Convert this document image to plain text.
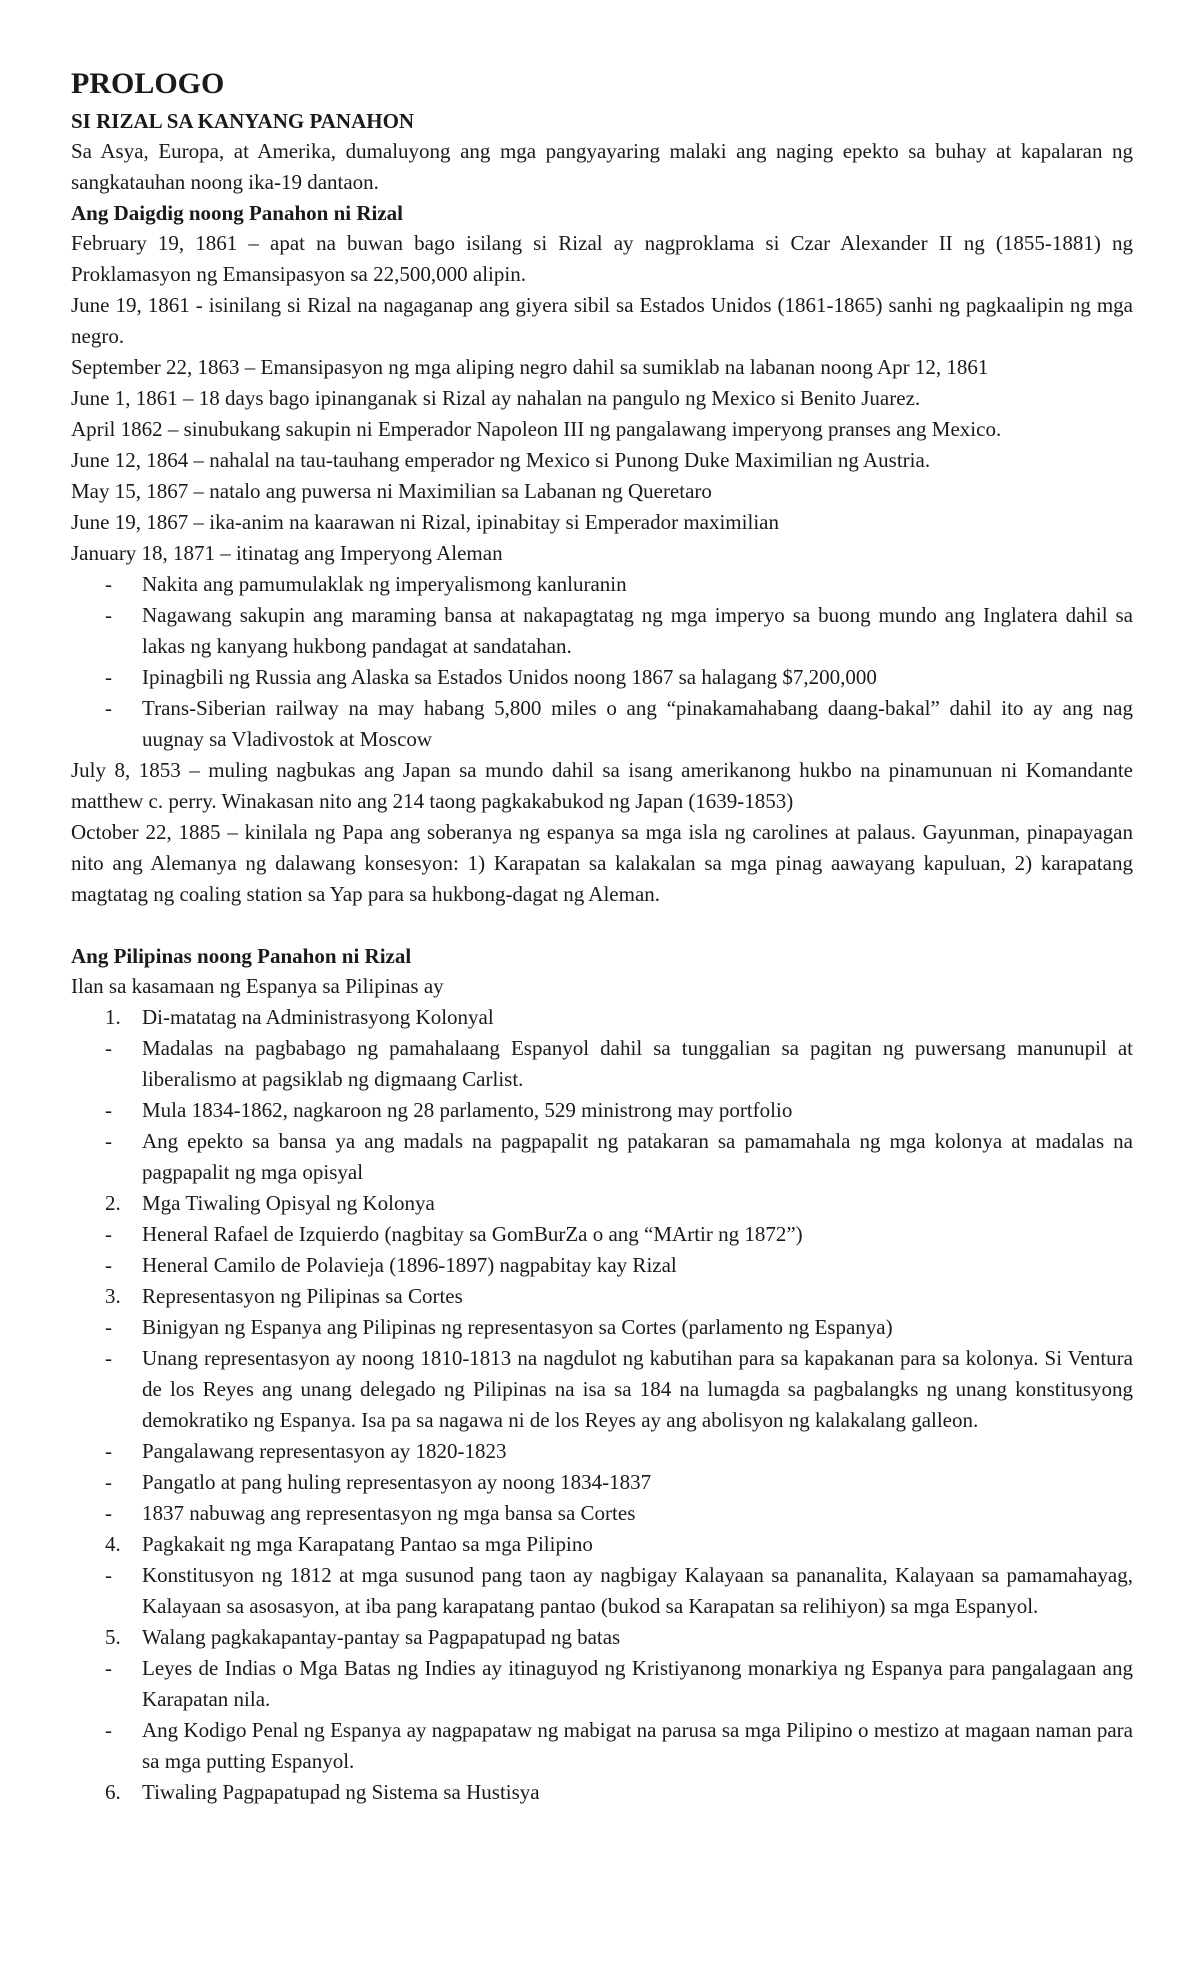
PROLOGO
SI RIZAL SA KANYANG PANAHON
Sa Asya, Europa, at Amerika, dumaluyong ang mga pangyayaring malaki ang naging epekto sa buhay at kapalaran ng sangkatauhan noong ika-19 dantaon.
Ang Daigdig noong Panahon ni Rizal
February 19, 1861 – apat na buwan bago isilang si Rizal ay nagproklama si Czar Alexander II ng (1855-1881) ng Proklamasyon ng Emansipasyon sa 22,500,000 alipin.
June 19, 1861 - isinilang si Rizal na nagaganap ang giyera sibil sa Estados Unidos (1861-1865) sanhi ng pagkaalipin ng mga negro.
September 22, 1863 – Emansipasyon ng mga aliping negro dahil sa sumiklab na labanan noong Apr 12, 1861
June 1, 1861 – 18 days bago ipinanganak si Rizal ay nahalan na pangulo ng Mexico si Benito Juarez.
April 1862 – sinubukang sakupin ni Emperador Napoleon III ng pangalawang imperyong pranses ang Mexico.
June 12, 1864 – nahalal na tau-tauhang emperador ng Mexico si Punong Duke Maximilian ng Austria.
May 15, 1867 – natalo ang puwersa ni Maximilian sa Labanan ng Queretaro
June 19, 1867 – ika-anim na kaarawan ni Rizal, ipinabitay si Emperador maximilian
January 18, 1871 – itinatag ang Imperyong Aleman
-	Nakita ang pamumulaklak ng imperyalismong kanluranin
-	Nagawang sakupin ang maraming bansa at nakapagtatag ng mga imperyo sa buong mundo ang Inglatera dahil sa lakas ng kanyang hukbong pandagat at sandatahan.
-	Ipinagbili ng Russia ang Alaska sa Estados Unidos noong 1867 sa halagang $7,200,000
-	Trans-Siberian railway na may habang 5,800 miles o ang “pinakamahabang daang-bakal” dahil ito ay ang nag uugnay sa Vladivostok at Moscow
July 8, 1853 – muling nagbukas ang Japan sa mundo dahil sa isang amerikanong hukbo na pinamunuan ni Komandante matthew c. perry. Winakasan nito ang 214 taong pagkakabukod ng Japan (1639-1853)
October 22, 1885 – kinilala ng Papa ang soberanya ng espanya sa mga isla ng carolines at palaus. Gayunman, pinapayagan nito ang Alemanya ng dalawang konsesyon: 1) Karapatan sa kalakalan sa mga pinag aawayang kapuluan, 2) karapatang magtatag ng coaling station sa Yap para sa hukbong-dagat ng Aleman.
Ang Pilipinas noong Panahon ni Rizal
Ilan sa kasamaan ng Espanya sa Pilipinas ay
1.	Di-matatag na Administrasyong Kolonyal
-	Madalas na pagbabago ng pamahalaang Espanyol dahil sa tunggalian sa pagitan ng puwersang manunupil at liberalismo at pagsiklab ng digmaang Carlist.
-	Mula 1834-1862, nagkaroon ng 28 parlamento, 529 ministrong may portfolio
-	Ang epekto sa bansa ya ang madals na pagpapalit ng patakaran sa pamamahala ng mga kolonya at madalas na pagpapalit ng mga opisyal
2.	Mga Tiwaling Opisyal ng Kolonya
-	Heneral Rafael de Izquierdo (nagbitay sa GomBurZa o ang “MArtir ng 1872”)
-	Heneral Camilo de Polavieja (1896-1897) nagpabitay kay Rizal
3.	Representasyon ng Pilipinas sa Cortes
-	Binigyan ng Espanya ang Pilipinas ng representasyon sa Cortes (parlamento ng Espanya)
-	Unang representasyon ay noong 1810-1813 na nagdulot ng kabutihan para sa kapakanan para sa kolonya. Si Ventura de los Reyes ang unang delegado ng Pilipinas na isa sa 184 na lumagda sa pagbalangks ng unang konstitusyong demokratiko ng Espanya. Isa pa sa nagawa ni de los Reyes ay ang abolisyon ng kalakalang galleon.
-	Pangalawang representasyon ay 1820-1823
-	Pangatlo at pang huling representasyon ay noong 1834-1837
-	1837 nabuwag ang representasyon ng mga bansa sa Cortes
4.	Pagkakait ng mga Karapatang Pantao sa mga Pilipino
-	Konstitusyon ng 1812 at mga susunod pang taon ay nagbigay Kalayaan sa pananalita, Kalayaan sa pamamahayag, Kalayaan sa asosasyon, at iba pang karapatang pantao (bukod sa Karapatan sa relihiyon) sa mga Espanyol.
5.	Walang pagkakapantay-pantay sa Pagpapatupad ng batas
-	Leyes de Indias o Mga Batas ng Indies ay itinaguyod ng Kristiyanong monarkiya ng Espanya para pangalagaan ang Karapatan nila.
-	Ang Kodigo Penal ng Espanya ay nagpapataw ng mabigat na parusa sa mga Pilipino o mestizo at magaan naman para sa mga putting Espanyol.
6.	Tiwaling Pagpapatupad ng Sistema sa Hustisya
